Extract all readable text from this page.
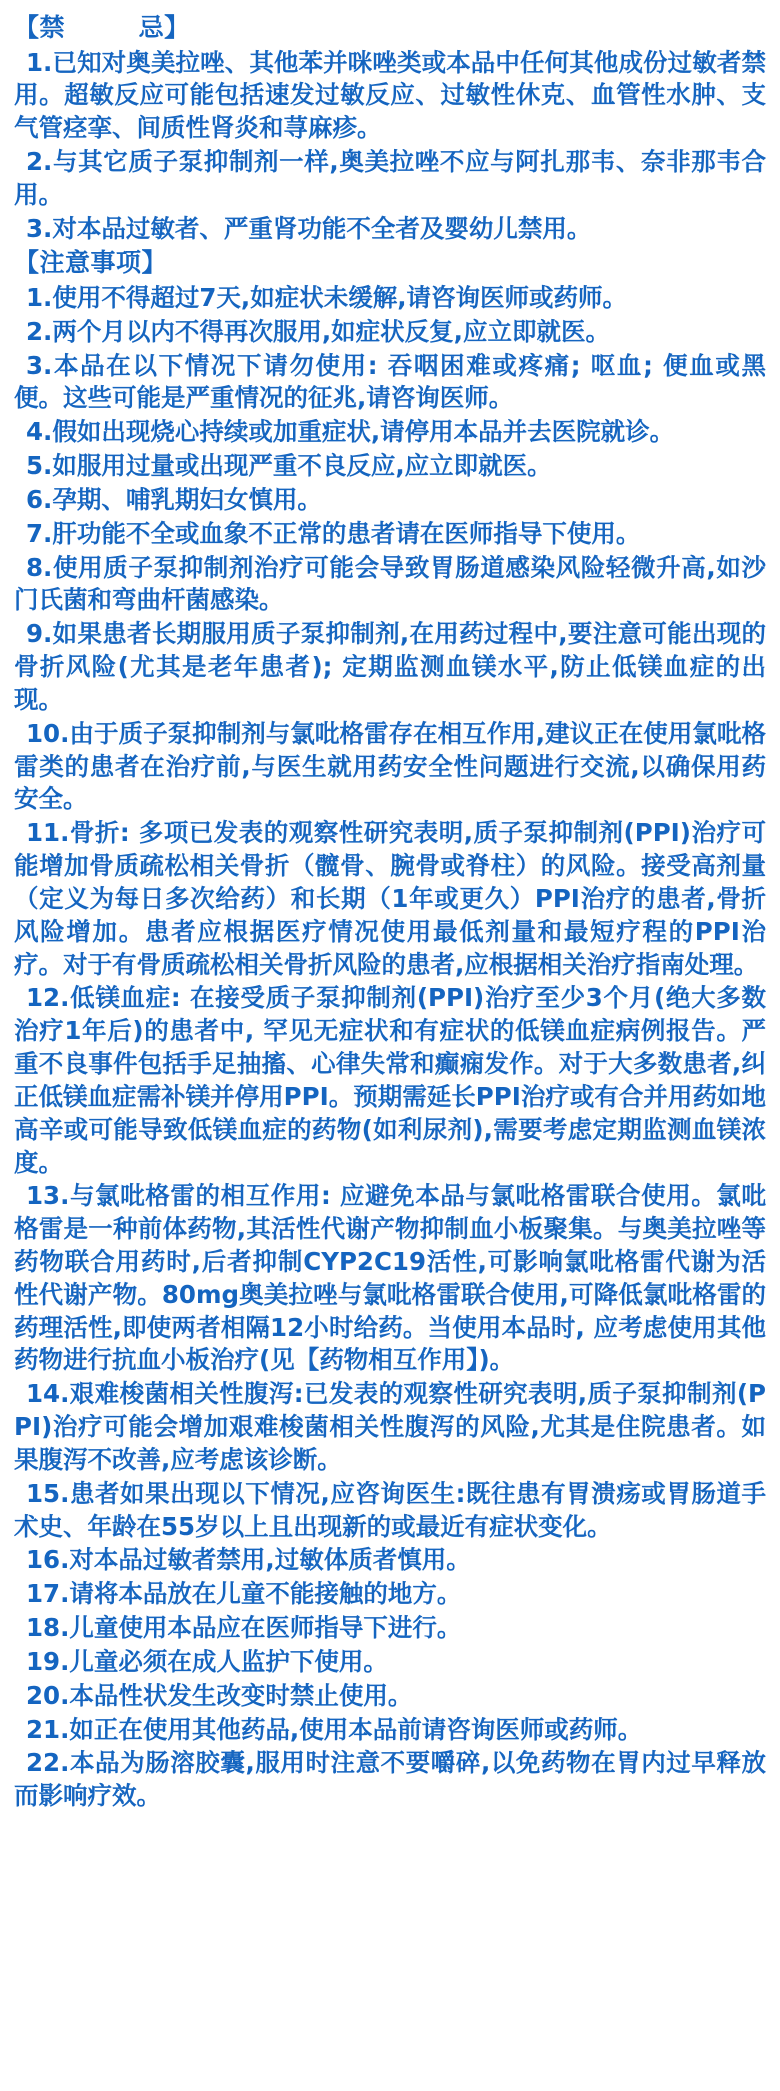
【禁        忌】

1.已知对奥美拉唑、其他苯并咪唑类或本品中任何其他成份过敏者禁用。超敏反应可能包括速发过敏反应、过敏性休克、血管性水肿、支气管痉挛、间质性肾炎和荨麻疹。

2.与其它质子泵抑制剂一样,奥美拉唑不应与阿扎那韦、奈非那韦合用。

3.对本品过敏者、严重肾功能不全者及婴幼儿禁用。

【注意事项】

1.使用不得超过7天,如症状未缓解,请咨询医师或药师。

2.两个月以内不得再次服用,如症状反复,应立即就医。

3.本品在以下情况下请勿使用: 吞咽困难或疼痛; 呕血; 便血或黑便。这些可能是严重情况的征兆,请咨询医师。

4.假如出现烧心持续或加重症状,请停用本品并去医院就诊。

5.如服用过量或出现严重不良反应,应立即就医。

6.孕期、哺乳期妇女慎用。

7.肝功能不全或血象不正常的患者请在医师指导下使用。

8.使用质子泵抑制剂治疗可能会导致胃肠道感染风险轻微升高,如沙门氏菌和弯曲杆菌感染。

9.如果患者长期服用质子泵抑制剂,在用药过程中,要注意可能出现的骨折风险(尤其是老年患者); 定期监测血镁水平,防止低镁血症的出现。

10.由于质子泵抑制剂与氯吡格雷存在相互作用,建议正在使用氯吡格雷类的患者在治疗前,与医生就用药安全性问题进行交流,以确保用药安全。

11.骨折: 多项已发表的观察性研究表明,质子泵抑制剂(PPI)治疗可能增加骨质疏松相关骨折（髋骨、腕骨或脊柱）的风险。接受高剂量（定义为每日多次给药）和长期（1年或更久）PPI治疗的患者,骨折风险增加。患者应根据医疗情况使用最低剂量和最短疗程的PPI治疗。对于有骨质疏松相关骨折风险的患者,应根据相关治疗指南处理。

12.低镁血症: 在接受质子泵抑制剂(PPI)治疗至少3个月(绝大多数治疗1年后)的患者中, 罕见无症状和有症状的低镁血症病例报告。严重不良事件包括手足抽搐、心律失常和癫痫发作。对于大多数患者,纠正低镁血症需补镁并停用PPI。预期需延长PPI治疗或有合并用药如地高辛或可能导致低镁血症的药物(如利尿剂),需要考虑定期监测血镁浓度。

13.与氯吡格雷的相互作用: 应避免本品与氯吡格雷联合使用。氯吡格雷是一种前体药物,其活性代谢产物抑制血小板聚集。与奥美拉唑等药物联合用药时,后者抑制CYP2C19活性,可影响氯吡格雷代谢为活性代谢产物。80mg奥美拉唑与氯吡格雷联合使用,可降低氯吡格雷的药理活性,即使两者相隔12小时给药。当使用本品时, 应考虑使用其他药物进行抗血小板治疗(见【药物相互作用】)。

14.艰难梭菌相关性腹泻:已发表的观察性研究表明,质子泵抑制剂(PPI)治疗可能会增加艰难梭菌相关性腹泻的风险,尤其是住院患者。如果腹泻不改善,应考虑该诊断。

15.患者如果出现以下情况,应咨询医生:既往患有胃溃疡或胃肠道手术史、年龄在55岁以上且出现新的或最近有症状变化。

16.对本品过敏者禁用,过敏体质者慎用。

17.请将本品放在儿童不能接触的地方。

18.儿童使用本品应在医师指导下进行。

19.儿童必须在成人监护下使用。

20.本品性状发生改变时禁止使用。

21.如正在使用其他药品,使用本品前请咨询医师或药师。

22.本品为肠溶胶囊,服用时注意不要嚼碎,以免药物在胃内过早释放而影响疗效。
